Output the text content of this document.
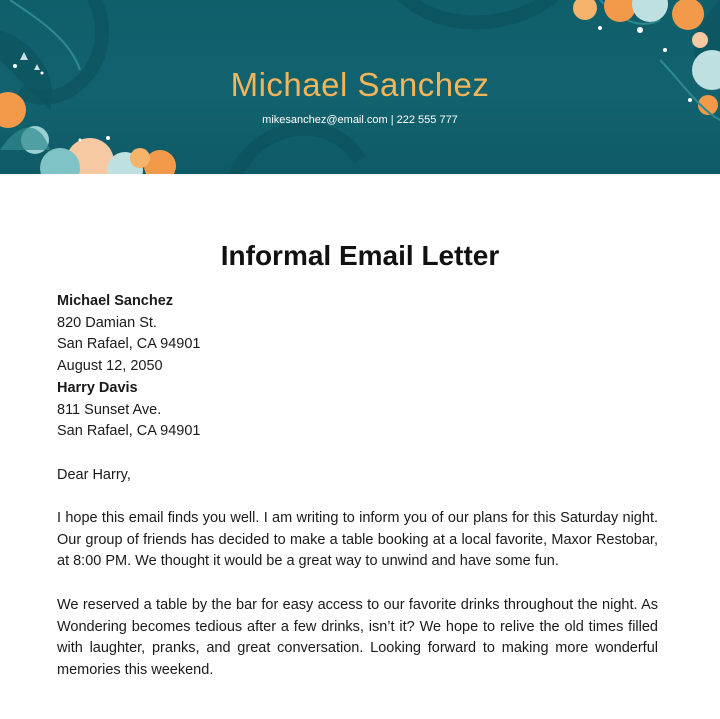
Michael Sanchez
mikesanchez@email.com | 222 555 777
Informal Email Letter
Michael Sanchez
820 Damian St.
San Rafael, CA 94901
August 12, 2050
Harry Davis
811 Sunset Ave.
San Rafael, CA 94901
Dear Harry,

I hope this email finds you well. I am writing to inform you of our plans for this Saturday night. Our group of friends has decided to make a table booking at a local favorite, Maxor Restobar, at 8:00 PM. We thought it would be a great way to unwind and have some fun.

We reserved a table by the bar for easy access to our favorite drinks throughout the night. As Wondering becomes tedious after a few drinks, isn’t it? We hope to relive the old times filled with laughter, pranks, and great conversation. Looking forward to making more wonderful memories this weekend.
